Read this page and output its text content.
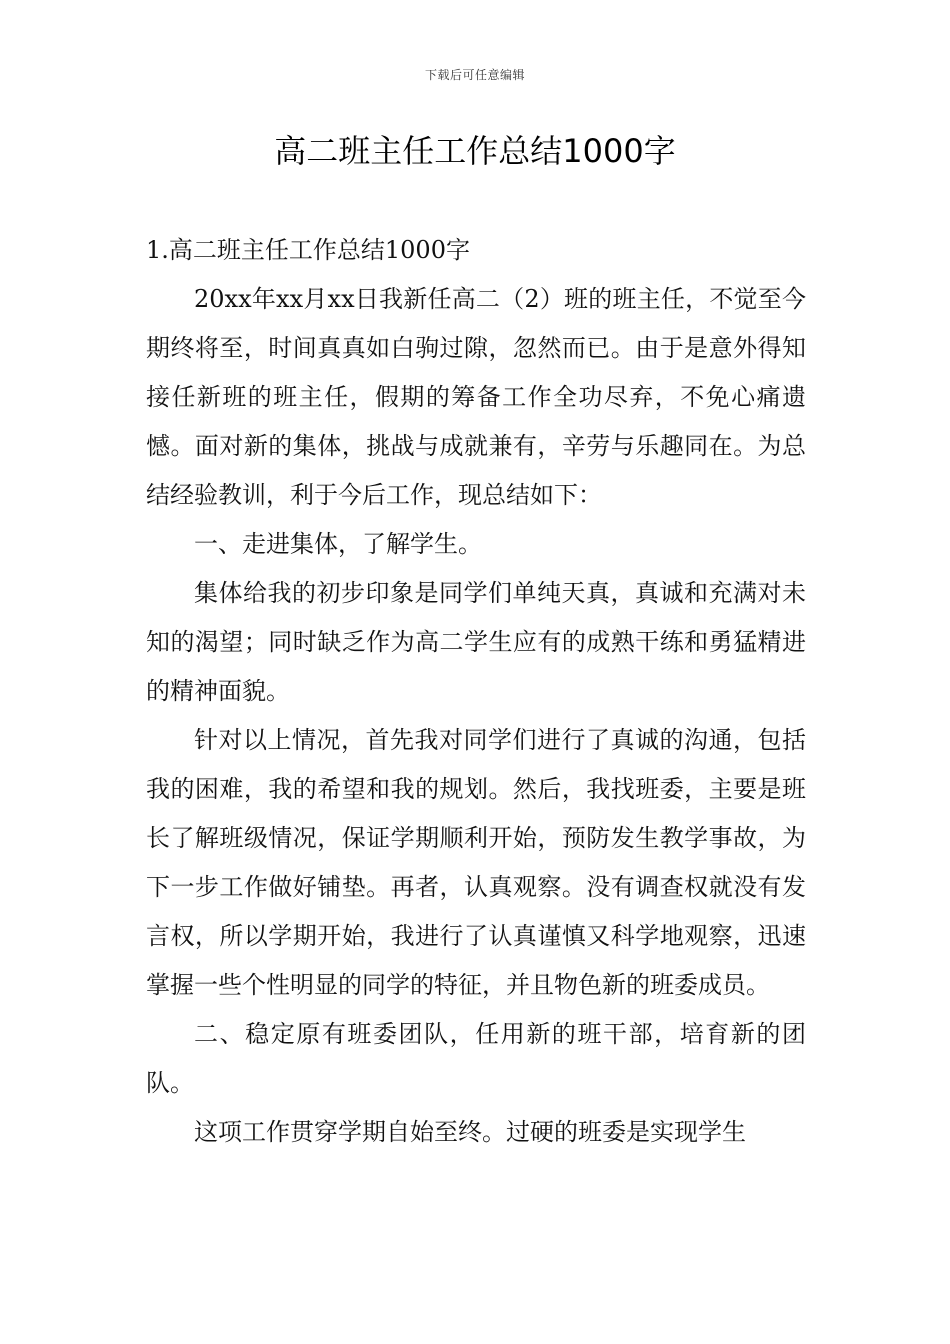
下载后可任意编辑
高二班主任工作总结1000字

1.高二班主任工作总结1000字

20xx年xx月xx日我新任高二（2）班的班主任，不觉至今期终将至，时间真真如白驹过隙，忽然而已。由于是意外得知接任新班的班主任，假期的筹备工作全功尽弃，不免心痛遗憾。面对新的集体，挑战与成就兼有，辛劳与乐趣同在。为总结经验教训，利于今后工作，现总结如下：

一、走进集体，了解学生。

集体给我的初步印象是同学们单纯天真，真诚和充满对未知的渴望；同时缺乏作为高二学生应有的成熟干练和勇猛精进的精神面貌。

针对以上情况，首先我对同学们进行了真诚的沟通，包括我的困难，我的希望和我的规划。然后，我找班委，主要是班长了解班级情况，保证学期顺利开始，预防发生教学事故，为下一步工作做好铺垫。再者，认真观察。没有调查权就没有发言权，所以学期开始，我进行了认真谨慎又科学地观察，迅速掌握一些个性明显的同学的特征，并且物色新的班委成员。

二、稳定原有班委团队，任用新的班干部，培育新的团队。

这项工作贯穿学期自始至终。过硬的班委是实现学生
